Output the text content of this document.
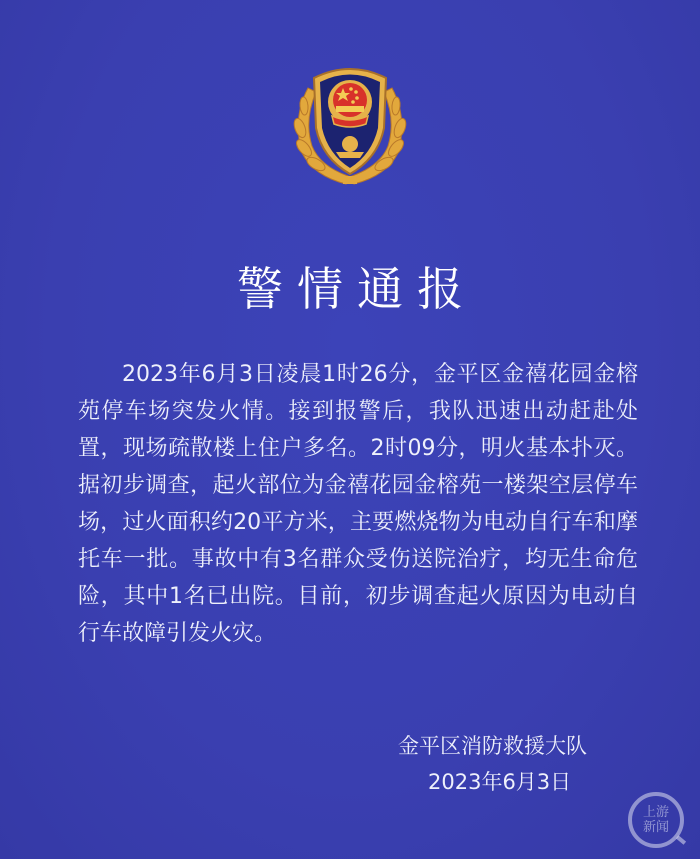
警情通报

2023年6月3日凌晨1时26分，金平区金禧花园金榕苑停车场突发火情。接到报警后，我队迅速出动赶赴处置，现场疏散楼上住户多名。2时09分，明火基本扑灭。据初步调查，起火部位为金禧花园金榕苑一楼架空层停车场，过火面积约20平方米，主要燃烧物为电动自行车和摩托车一批。事故中有3名群众受伤送院治疗，均无生命危险，其中1名已出院。目前，初步调查起火原因为电动自行车故障引发火灾。

金平区消防救援大队
2023年6月3日
上游
新闻
